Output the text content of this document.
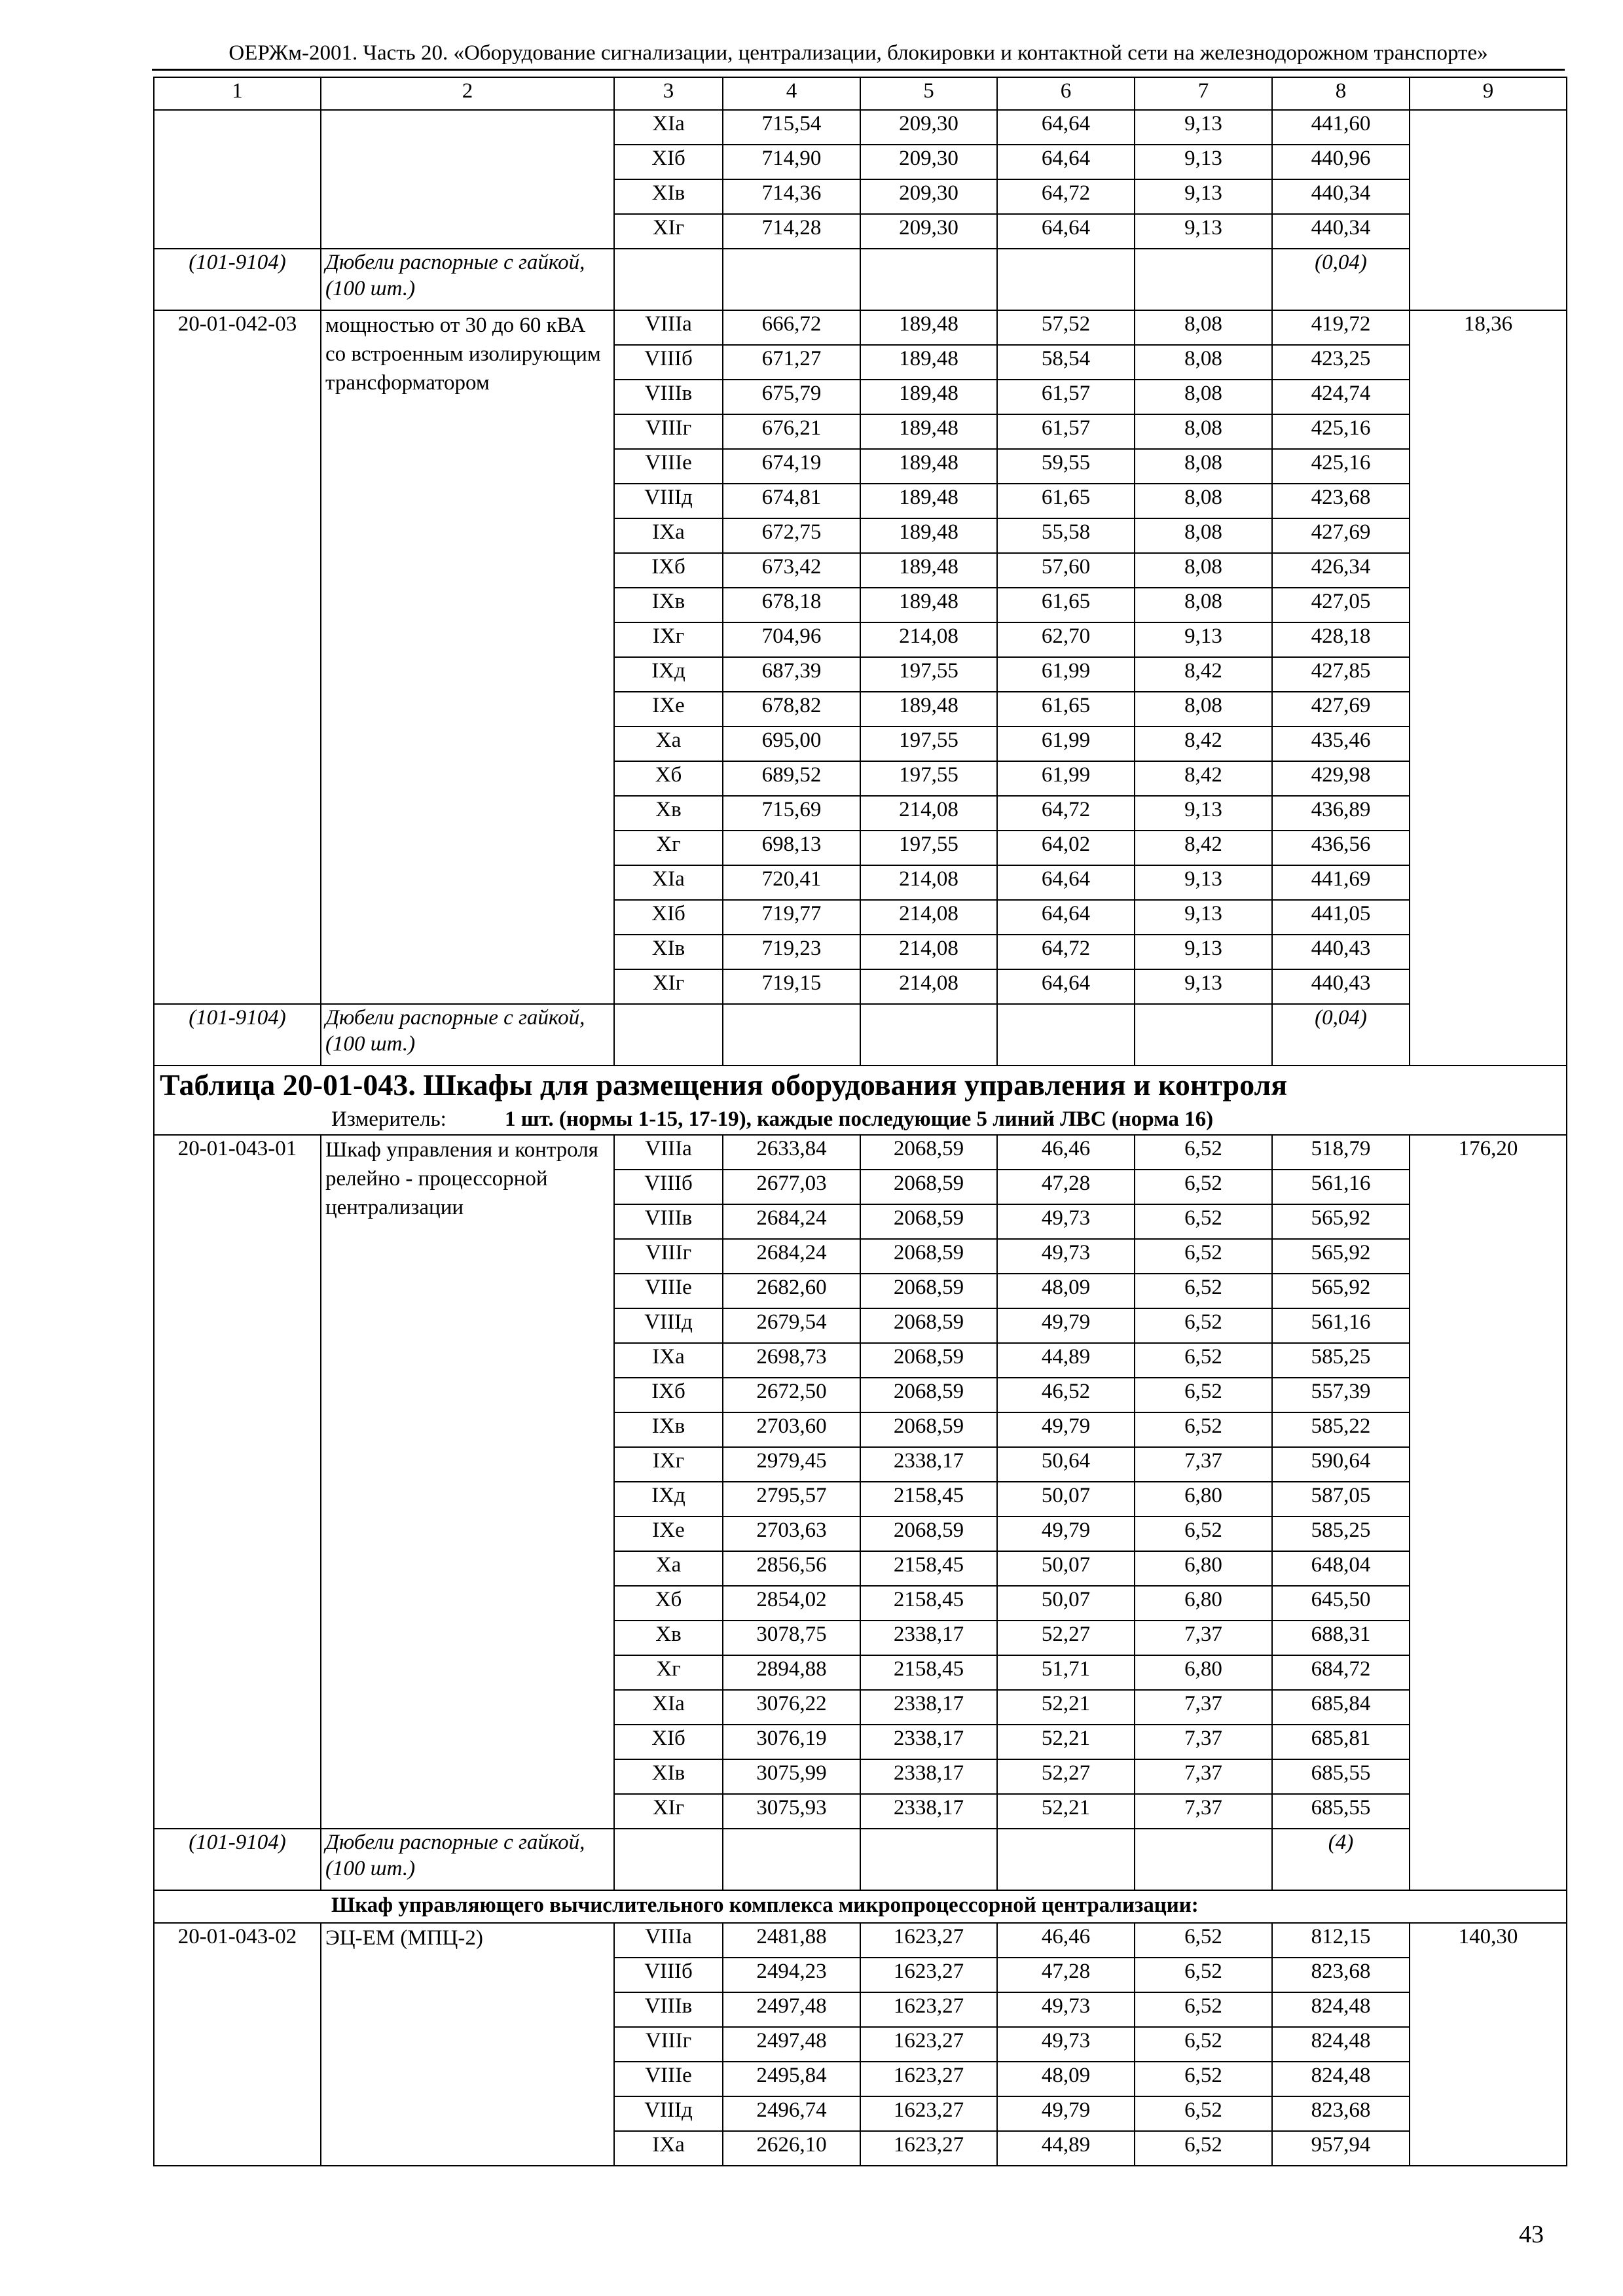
ОЕРЖм-2001. Часть 20. «Оборудование сигнализации, централизации, блокировки и контактной сети на железнодорожном транспорте»
1	2	3	4	5	6	7	8	9
		XIа	715,54	209,30	64,64	9,13	441,60	
		XIб	714,90	209,30	64,64	9,13	440,96	
		XIв	714,36	209,30	64,72	9,13	440,34	
		XIг	714,28	209,30	64,64	9,13	440,34	
(101-9104)	Дюбели распорные с гайкой, (100 шт.)						(0,04)	
20-01-042-03	мощностью от 30 до 60 кВА со встроенным изолирующим трансформатором	VIIIа	666,72	189,48	57,52	8,08	419,72	18,36
		VIIIб	671,27	189,48	58,54	8,08	423,25	
		VIIIв	675,79	189,48	61,57	8,08	424,74	
		VIIIг	676,21	189,48	61,57	8,08	425,16	
		VIIIе	674,19	189,48	59,55	8,08	425,16	
		VIIIд	674,81	189,48	61,65	8,08	423,68	
		IXа	672,75	189,48	55,58	8,08	427,69	
		IXб	673,42	189,48	57,60	8,08	426,34	
		IXв	678,18	189,48	61,65	8,08	427,05	
		IXг	704,96	214,08	62,70	9,13	428,18	
		IXд	687,39	197,55	61,99	8,42	427,85	
		IXе	678,82	189,48	61,65	8,08	427,69	
		Xа	695,00	197,55	61,99	8,42	435,46	
		Xб	689,52	197,55	61,99	8,42	429,98	
		Xв	715,69	214,08	64,72	9,13	436,89	
		Xг	698,13	197,55	64,02	8,42	436,56	
		XIа	720,41	214,08	64,64	9,13	441,69	
		XIб	719,77	214,08	64,64	9,13	441,05	
		XIв	719,23	214,08	64,72	9,13	440,43	
		XIг	719,15	214,08	64,64	9,13	440,43	
(101-9104)	Дюбели распорные с гайкой, (100 шт.)						(0,04)	
Таблица 20-01-043. Шкафы для размещения оборудования управления и контроля								
Измеритель: 1 шт. (нормы 1-15, 17-19), каждые последующие 5 линий ЛВС (норма 16)								
20-01-043-01	Шкаф управления и контроля релейно - процессорной централизации	VIIIа	2633,84	2068,59	46,46	6,52	518,79	176,20
		VIIIб	2677,03	2068,59	47,28	6,52	561,16	
		VIIIв	2684,24	2068,59	49,73	6,52	565,92	
		VIIIг	2684,24	2068,59	49,73	6,52	565,92	
		VIIIе	2682,60	2068,59	48,09	6,52	565,92	
		VIIIд	2679,54	2068,59	49,79	6,52	561,16	
		IXа	2698,73	2068,59	44,89	6,52	585,25	
		IXб	2672,50	2068,59	46,52	6,52	557,39	
		IXв	2703,60	2068,59	49,79	6,52	585,22	
		IXг	2979,45	2338,17	50,64	7,37	590,64	
		IXд	2795,57	2158,45	50,07	6,80	587,05	
		IXе	2703,63	2068,59	49,79	6,52	585,25	
		Xа	2856,56	2158,45	50,07	6,80	648,04	
		Xб	2854,02	2158,45	50,07	6,80	645,50	
		Xв	3078,75	2338,17	52,27	7,37	688,31	
		Xг	2894,88	2158,45	51,71	6,80	684,72	
		XIа	3076,22	2338,17	52,21	7,37	685,84	
		XIб	3076,19	2338,17	52,21	7,37	685,81	
		XIв	3075,99	2338,17	52,27	7,37	685,55	
		XIг	3075,93	2338,17	52,21	7,37	685,55	
(101-9104)	Дюбели распорные с гайкой, (100 шт.)						(4)	
Шкаф управляющего вычислительного комплекса микропроцессорной централизации:								
20-01-043-02	ЭЦ-ЕМ (МПЦ-2)	VIIIа	2481,88	1623,27	46,46	6,52	812,15	140,30
		VIIIб	2494,23	1623,27	47,28	6,52	823,68	
		VIIIв	2497,48	1623,27	49,73	6,52	824,48	
		VIIIг	2497,48	1623,27	49,73	6,52	824,48	
		VIIIе	2495,84	1623,27	48,09	6,52	824,48	
		VIIIд	2496,74	1623,27	49,79	6,52	823,68	
		IXа	2626,10	1623,27	44,89	6,52	957,94	
43
